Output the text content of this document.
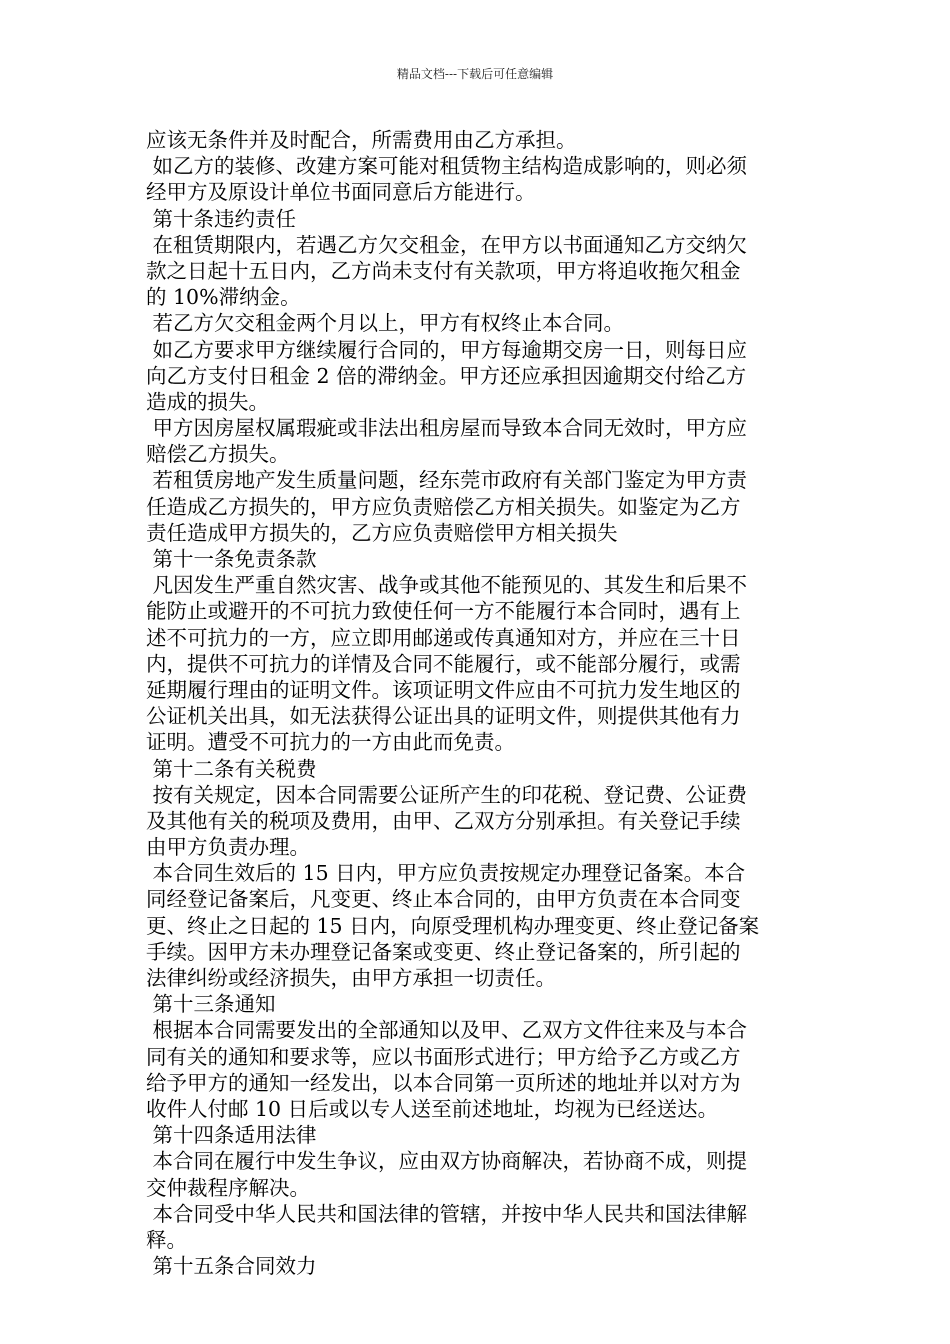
精品文档---下载后可任意编辑
应该无条件并及时配合，所需费用由乙方承担。
如乙方的装修、改建方案可能对租赁物主结构造成影响的，则必须
经甲方及原设计单位书面同意后方能进行。
第十条违约责任
在租赁期限内，若遇乙方欠交租金，在甲方以书面通知乙方交纳欠
款之日起十五日内，乙方尚未支付有关款项，甲方将追收拖欠租金
的 10%滞纳金。
若乙方欠交租金两个月以上，甲方有权终止本合同。
如乙方要求甲方继续履行合同的，甲方每逾期交房一日，则每日应
向乙方支付日租金 2 倍的滞纳金。甲方还应承担因逾期交付给乙方
造成的损失。
甲方因房屋权属瑕疵或非法出租房屋而导致本合同无效时，甲方应
赔偿乙方损失。
若租赁房地产发生质量问题，经东莞市政府有关部门鉴定为甲方责
任造成乙方损失的，甲方应负责赔偿乙方相关损失。如鉴定为乙方
责任造成甲方损失的，乙方应负责赔偿甲方相关损失
第十一条免责条款
凡因发生严重自然灾害、战争或其他不能预见的、其发生和后果不
能防止或避开的不可抗力致使任何一方不能履行本合同时，遇有上
述不可抗力的一方，应立即用邮递或传真通知对方，并应在三十日
内，提供不可抗力的详情及合同不能履行，或不能部分履行，或需
延期履行理由的证明文件。该项证明文件应由不可抗力发生地区的
公证机关出具，如无法获得公证出具的证明文件，则提供其他有力
证明。遭受不可抗力的一方由此而免责。
第十二条有关税费
按有关规定，因本合同需要公证所产生的印花税、登记费、公证费
及其他有关的税项及费用，由甲、乙双方分别承担。有关登记手续
由甲方负责办理。
本合同生效后的 15 日内，甲方应负责按规定办理登记备案。本合
同经登记备案后，凡变更、终止本合同的，由甲方负责在本合同变
更、终止之日起的 15 日内，向原受理机构办理变更、终止登记备案
手续。因甲方未办理登记备案或变更、终止登记备案的，所引起的
法律纠纷或经济损失，由甲方承担一切责任。
第十三条通知
根据本合同需要发出的全部通知以及甲、乙双方文件往来及与本合
同有关的通知和要求等，应以书面形式进行；甲方给予乙方或乙方
给予甲方的通知一经发出，以本合同第一页所述的地址并以对方为
收件人付邮 10 日后或以专人送至前述地址，均视为已经送达。
第十四条适用法律
本合同在履行中发生争议，应由双方协商解决，若协商不成，则提
交仲裁程序解决。
本合同受中华人民共和国法律的管辖，并按中华人民共和国法律解
释。
第十五条合同效力
